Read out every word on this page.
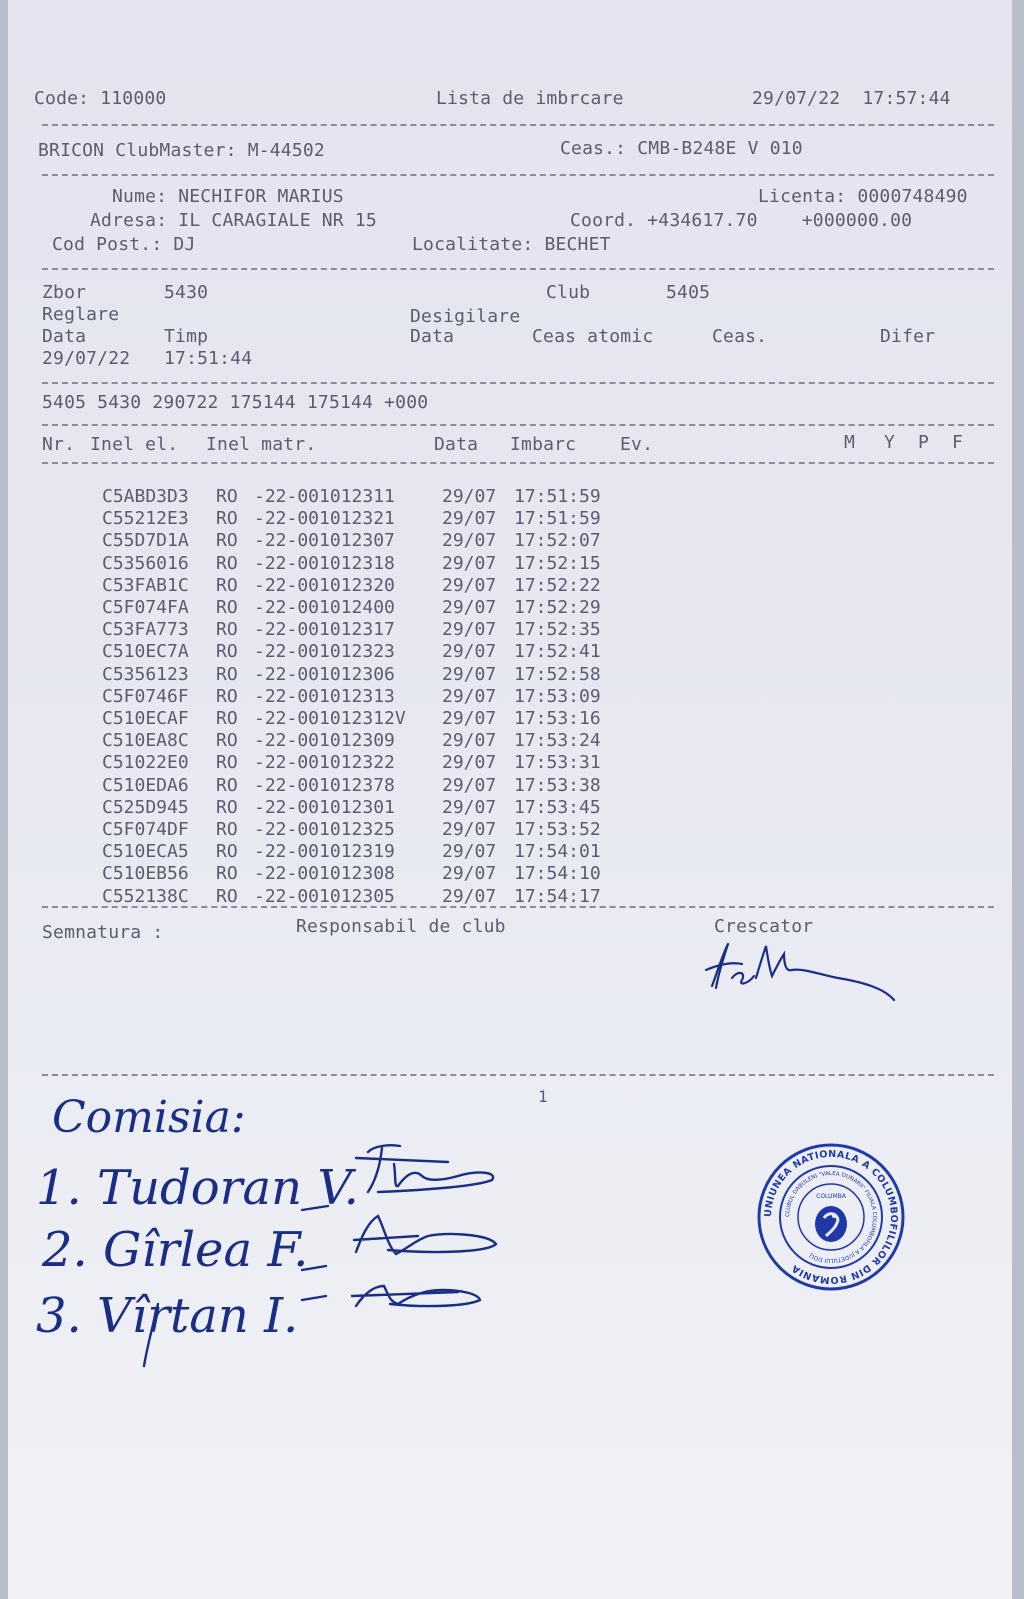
Code: 110000	Lista de imbrcare	29/07/22  17:57:44
BRICON ClubMaster: M-44502	Ceas.: CMB-B248E V 010
Nume: NECHIFOR MARIUS	Licenta: 0000748490
Adresa: IL CARAGIALE NR 15	Coord. +434617.70    +000000.00
Cod Post.: DJ	Localitate: BECHET
Zbor	5430	Club	5405
Reglare	Desigilare
Data	Timp	Data	Ceas atomic	Ceas.	Difer
29/07/22 17:51:44
5405 5430 290722 175144 175144 +000
Nr. Inel el. Inel matr.	Data Imbarc Ev.	M Y P F
C5ABD3D3 RO -22-001012311	29/07 17:51:59
C55212E3 RO -22-001012321	29/07 17:51:59
C55D7D1A RO -22-001012307	29/07 17:52:07
C5356016 RO -22-001012318	29/07 17:52:15
C53FAB1C RO -22-001012320	29/07 17:52:22
C5F074FA RO -22-001012400	29/07 17:52:29
C53FA773 RO -22-001012317	29/07 17:52:35
C510EC7A RO -22-001012323	29/07 17:52:41
C5356123 RO -22-001012306	29/07 17:52:58
C5F0746F RO -22-001012313	29/07 17:53:09
C510ECAF RO -22-001012312V 29/07 17:53:16
C510EA8C RO -22-001012309	29/07 17:53:24
C51022E0 RO -22-001012322	29/07 17:53:31
C510EDA6 RO -22-001012378	29/07 17:53:38
C525D945 RO -22-001012301	29/07 17:53:45
C5F074DF RO -22-001012325	29/07 17:53:52
C510ECA5 RO -22-001012319	29/07 17:54:01
C510EB56 RO -22-001012308	29/07 17:54:10
C552138C RO -22-001012305	29/07 17:54:17
Semnatura :	Responsabil de club	Crescator
1
Comisia:
1. Tudoran V.
2. Gîrlea F.
3. Vîrtan I.
UNIUNEA NATIONALA A COLUMBOFILILOR DIN ROMANIA
CLUBUL DABULENI "VALEA DUNARII" FILIALA COLUMBOFILA A JUDETULUI DOLJ
COLUMBA
